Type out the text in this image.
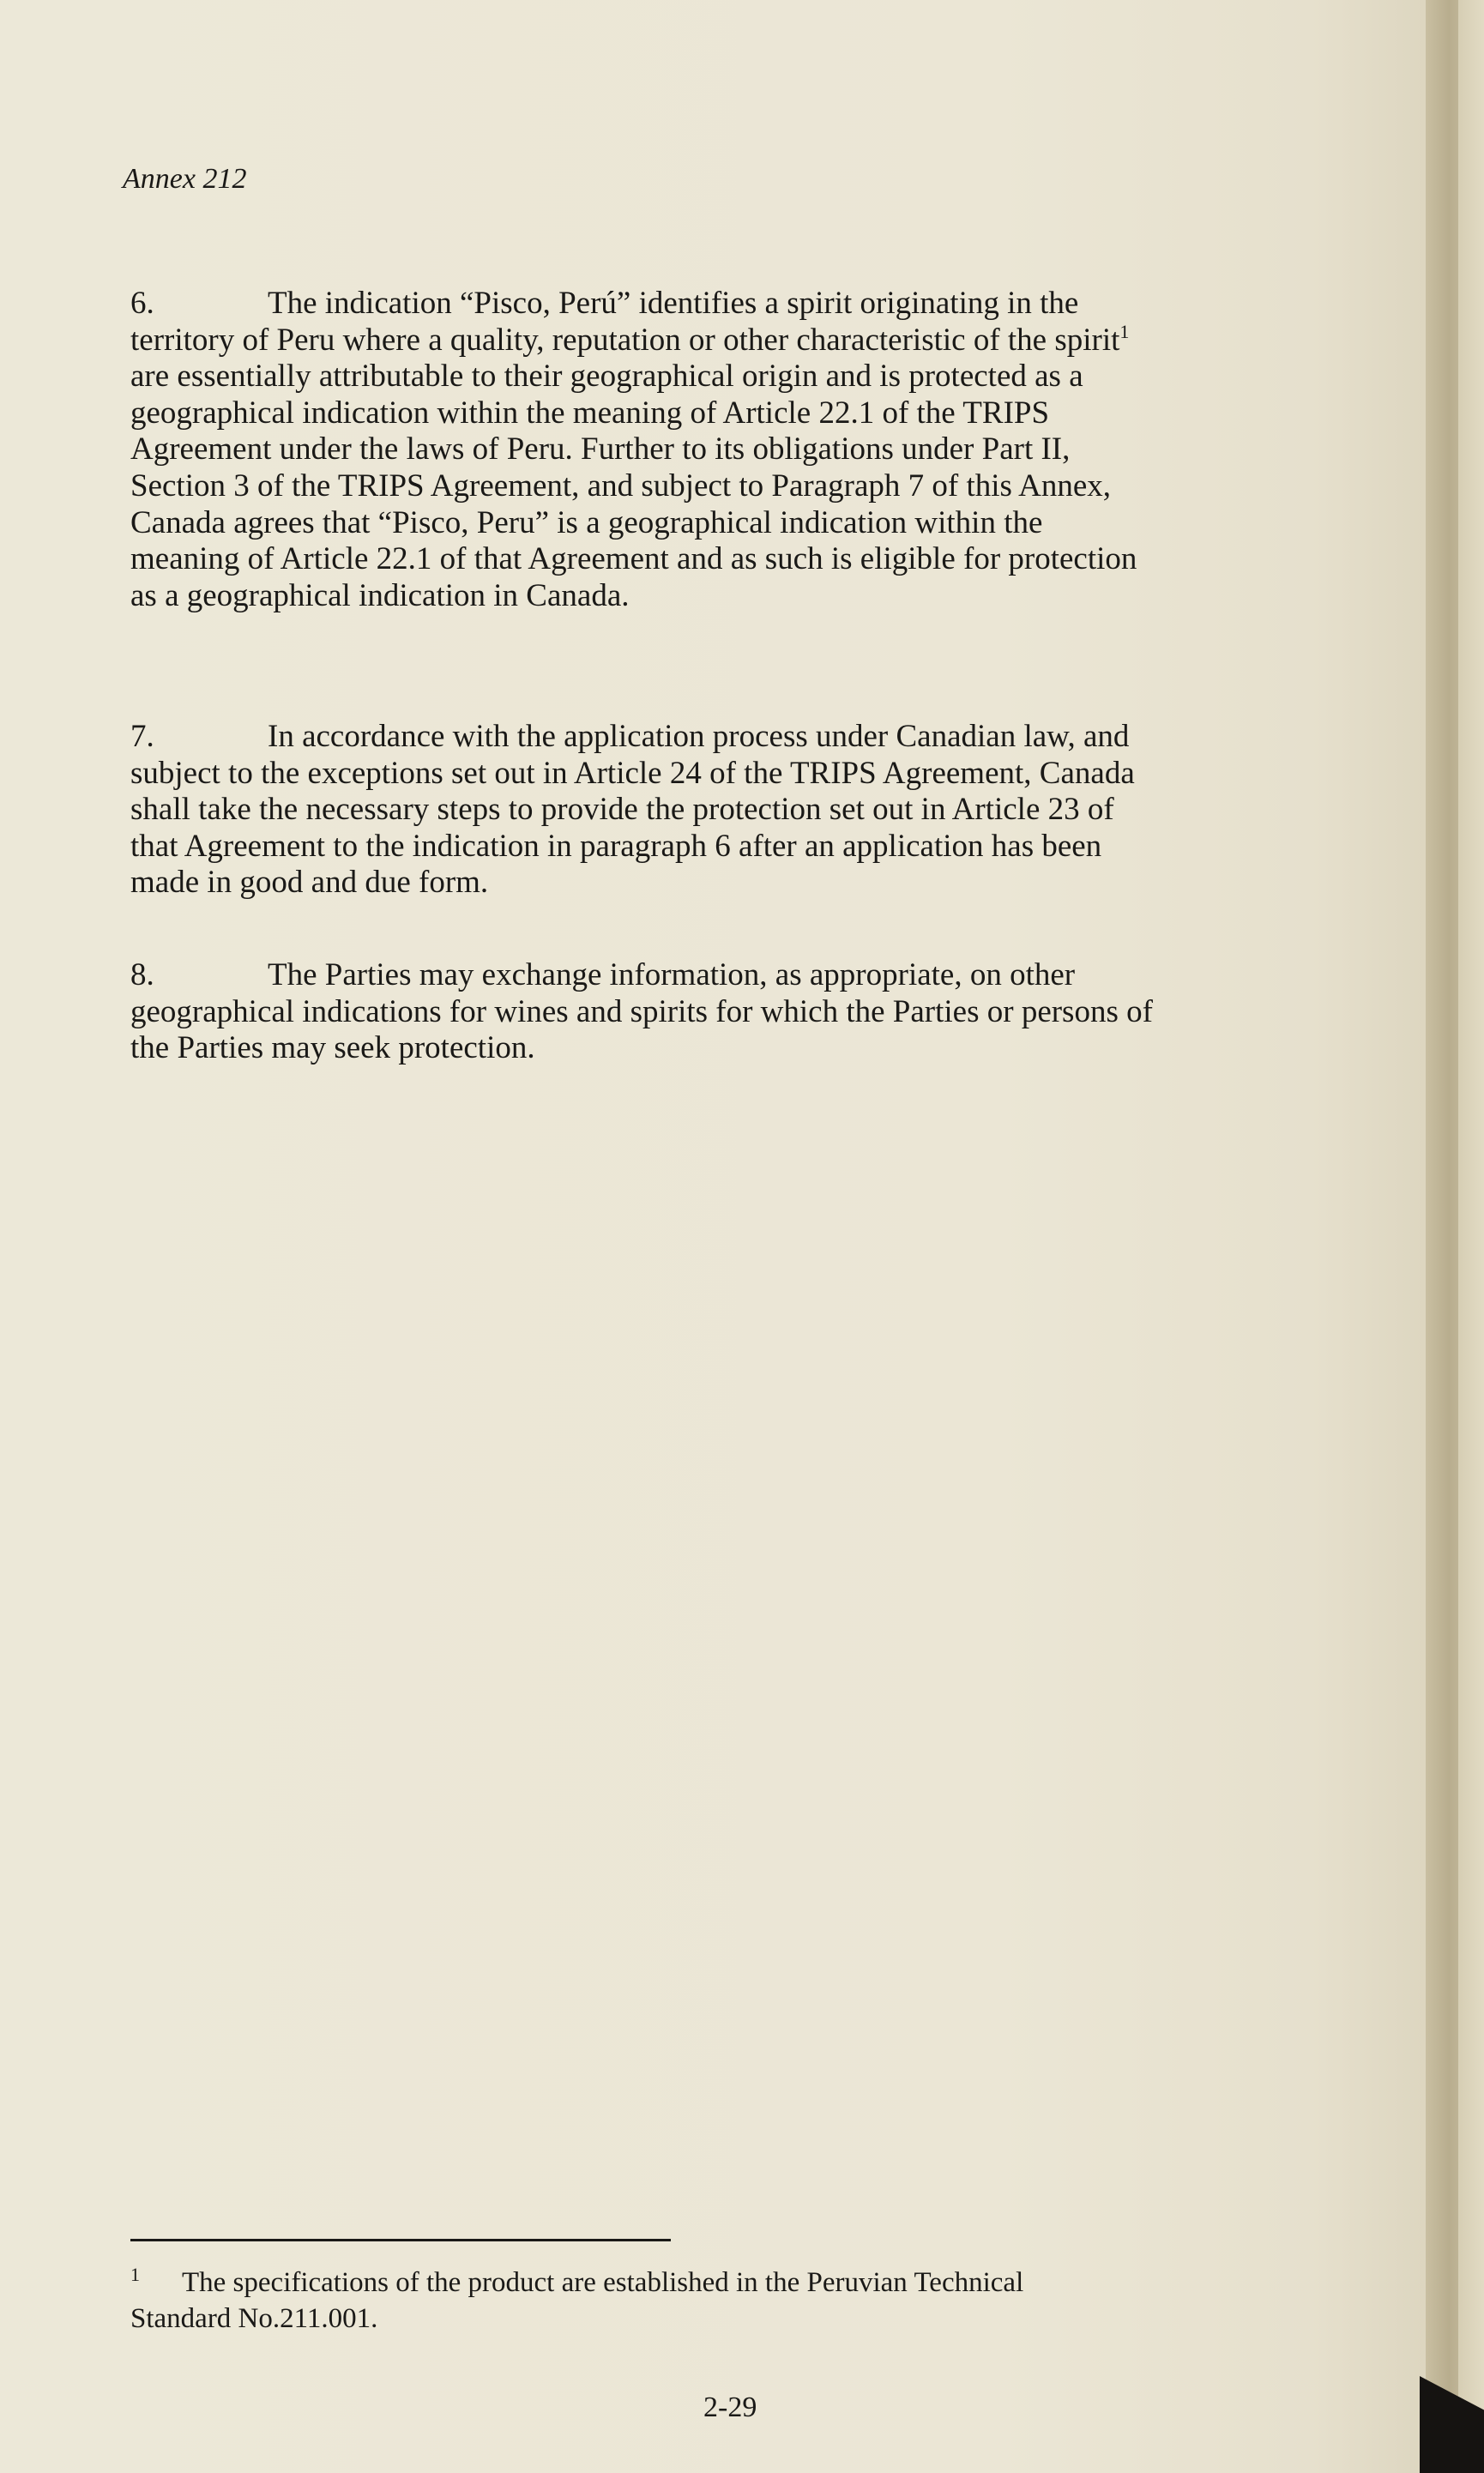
Annex 212

6.	The indication “Pisco, Perú” identifies a spirit originating in the
territory of Peru where a quality, reputation or other characteristic of the spirit$^1$
are essentially attributable to their geographical origin and is protected as a
geographical indication within the meaning of Article 22.1 of the TRIPS
Agreement under the laws of Peru. Further to its obligations under Part II,
Section 3 of the TRIPS Agreement, and subject to Paragraph 7 of this Annex,
Canada agrees that “Pisco, Peru” is a geographical indication within the
meaning of Article 22.1 of that Agreement and as such is eligible for protection
as a geographical indication in Canada.

7.	In accordance with the application process under Canadian law, and
subject to the exceptions set out in Article 24 of the TRIPS Agreement, Canada
shall take the necessary steps to provide the protection set out in Article 23 of
that Agreement to the indication in paragraph 6 after an application has been
made in good and due form.

8.	The Parties may exchange information, as appropriate, on other
geographical indications for wines and spirits for which the Parties or persons of
the Parties may seek protection.

1 The specifications of the product are established in the Peruvian Technical
Standard No.211.001.
2-29
